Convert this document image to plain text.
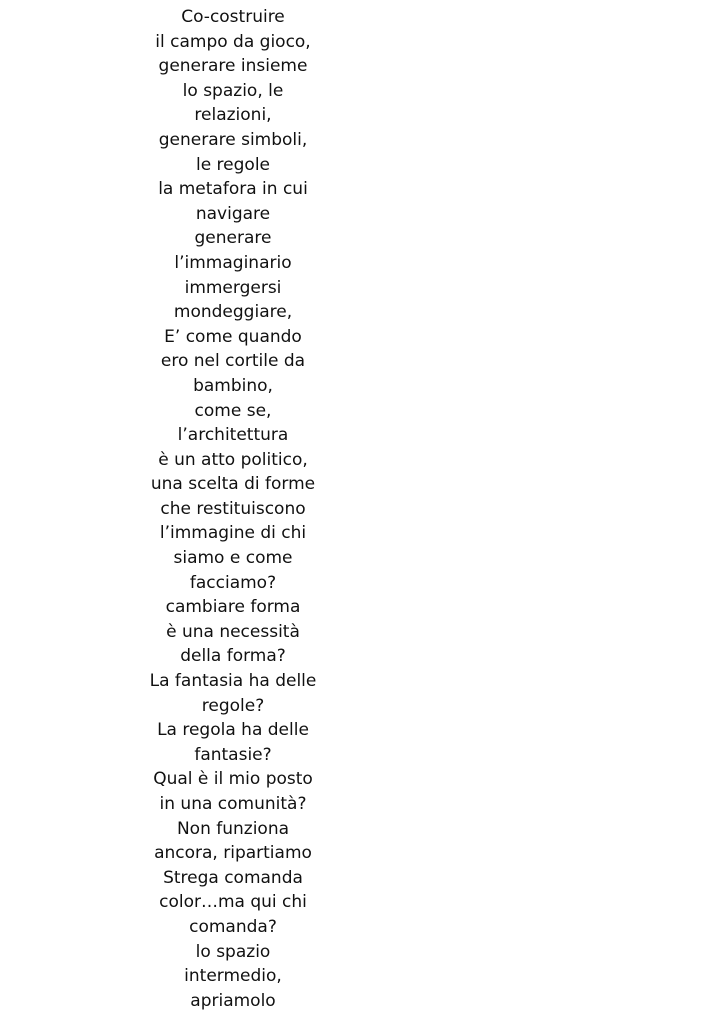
Co-costruire
il campo da gioco,
generare insieme
lo spazio, le
relazioni,
generare simboli,
le regole
la metafora in cui
navigare
generare
l’immaginario
immergersi
mondeggiare,
E’ come quando
ero nel cortile da
bambino,
come se,
l’architettura
è un atto politico,
una scelta di forme
che restituiscono
l’immagine di chi
siamo e come
facciamo?
cambiare forma
è una necessità
della forma?
La fantasia ha delle
regole?
La regola ha delle
fantasie?
Qual è il mio posto
in una comunità?
Non funziona
ancora, ripartiamo
Strega comanda
color…ma qui chi
comanda?
lo spazio
intermedio,
apriamolo
